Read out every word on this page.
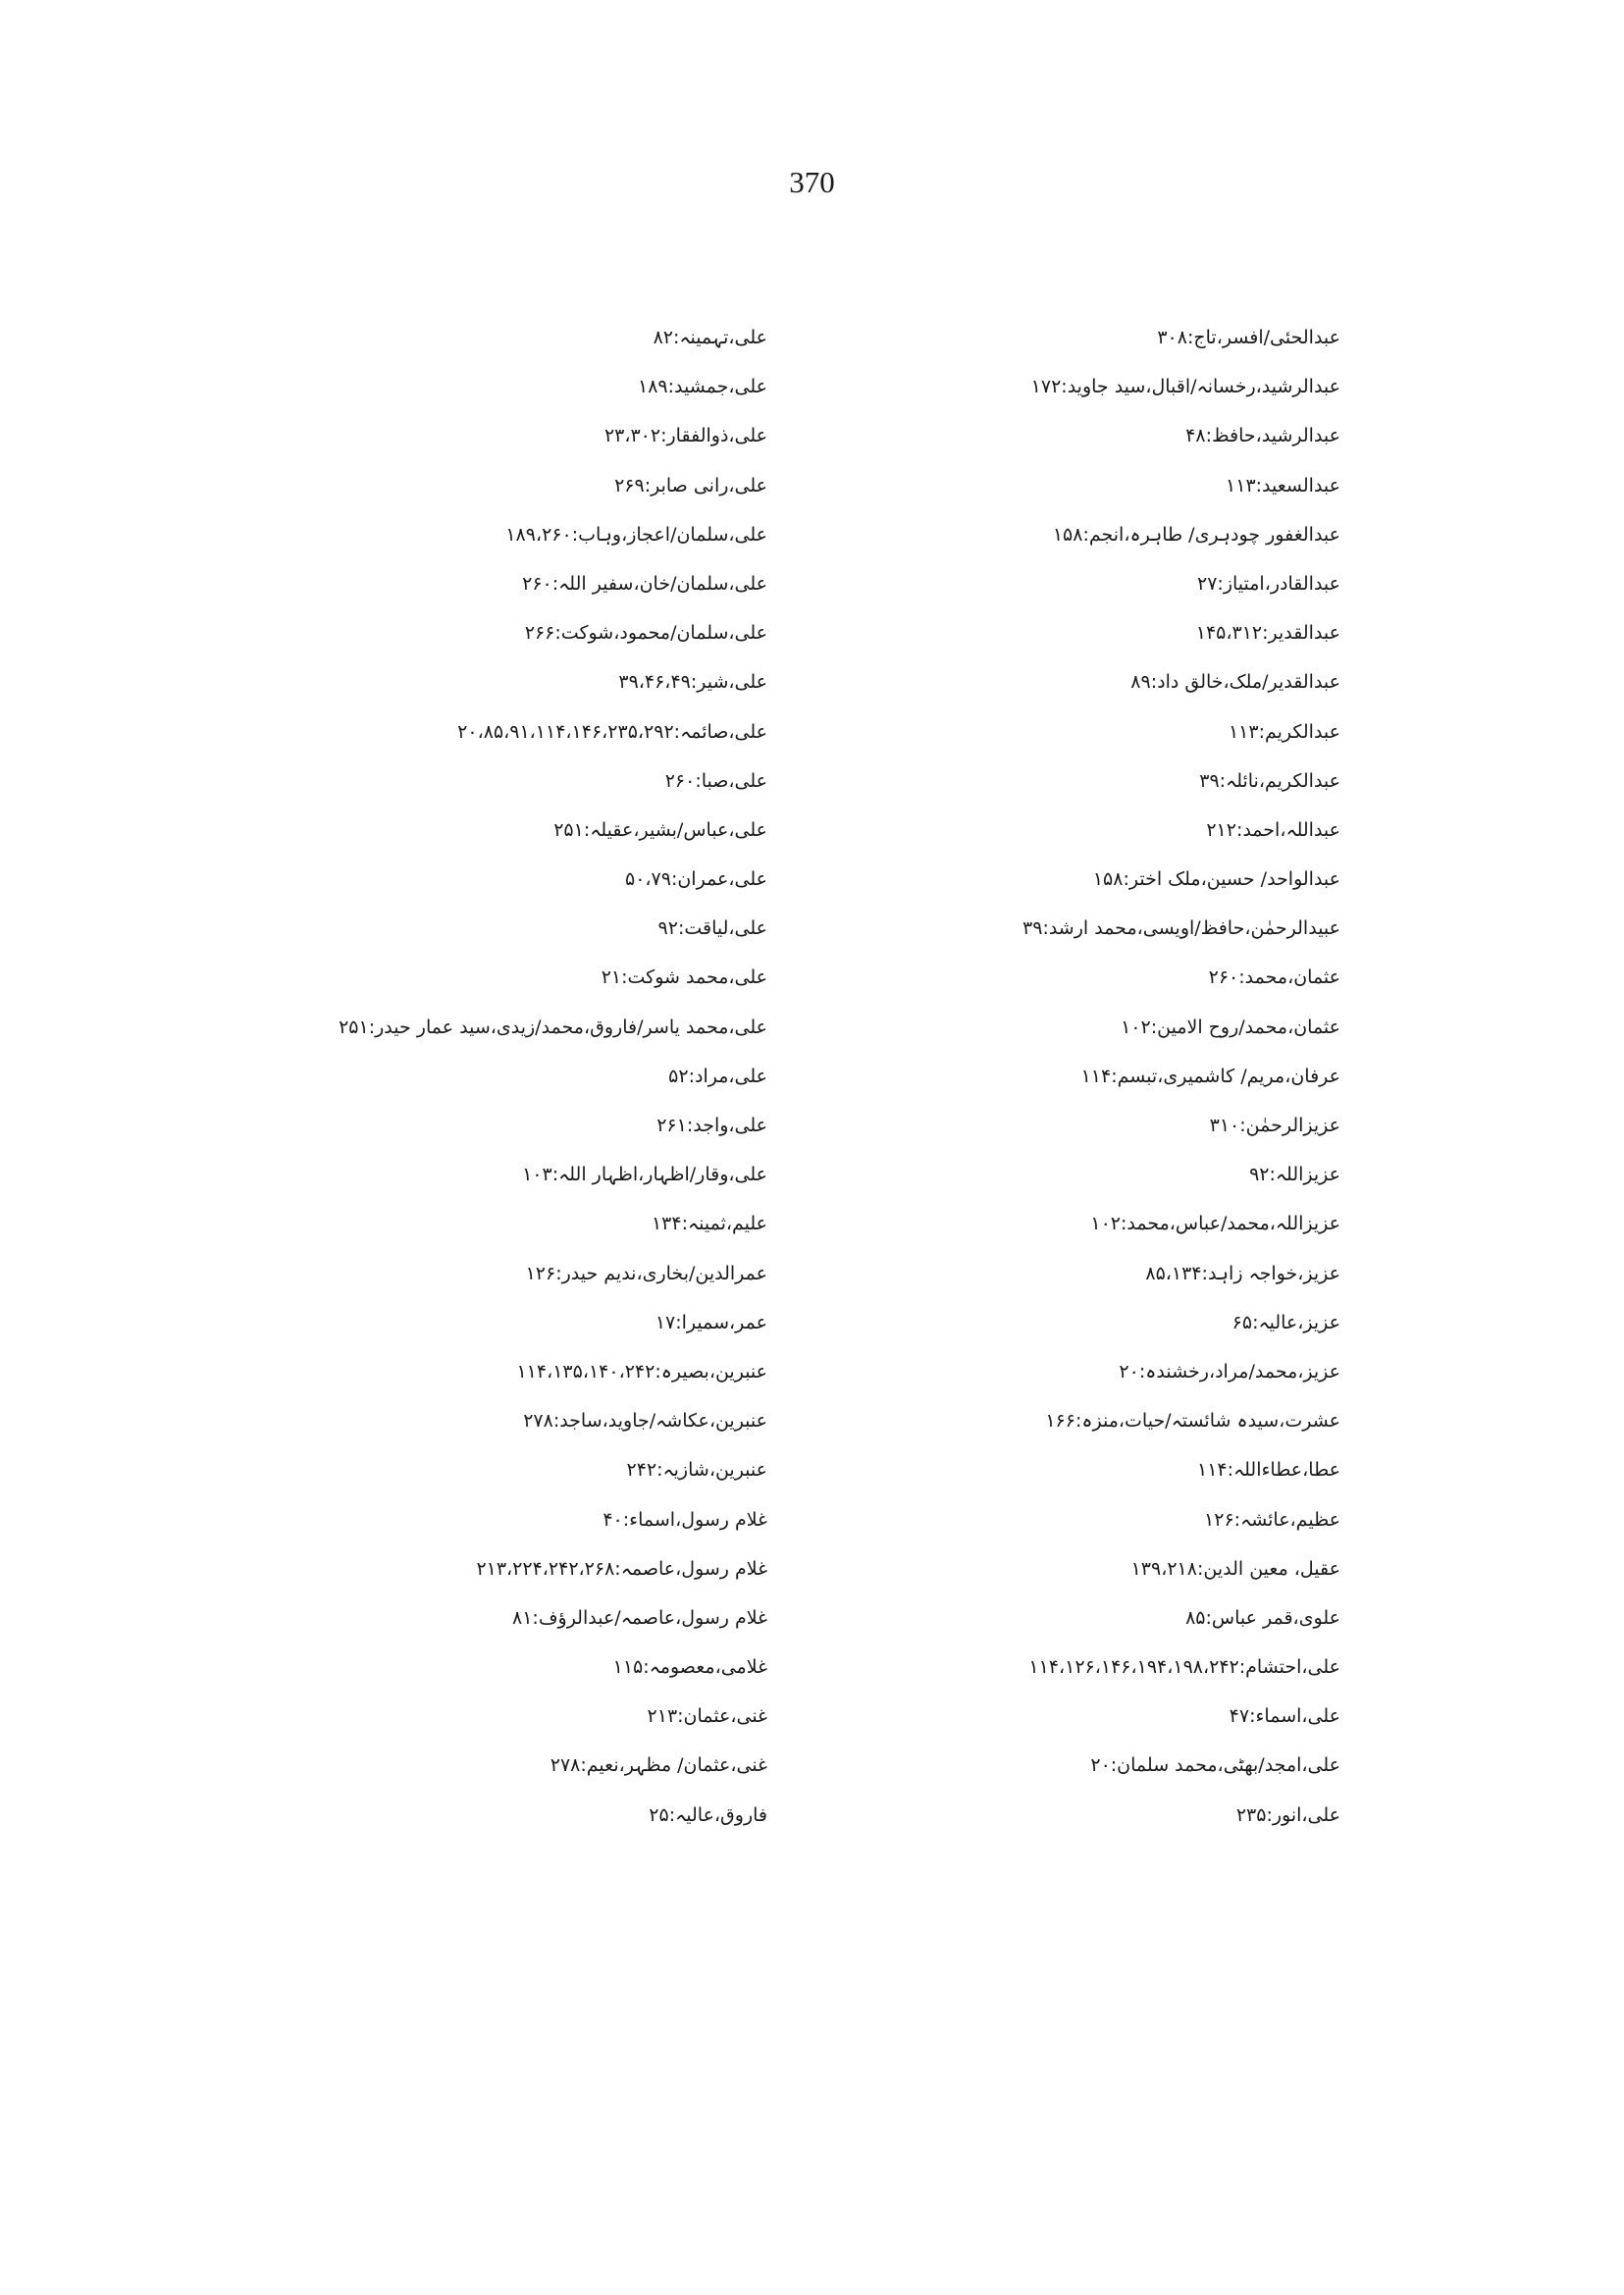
370
عبدالحئی/افسر،تاج:۳۰۸
عبدالرشید،رخسانہ/اقبال،سید جاوید:۱۷۲
عبدالرشید،حافظ:۴۸
عبدالسعید:۱۱۳
عبدالغفور چودہری/ طاہرہ،انجم:۱۵۸
عبدالقادر،امتیاز:۲۷
عبدالقدیر:۱۴۵،۳۱۲
عبدالقدیر/ملک،خالق داد:۸۹
عبدالکریم:۱۱۳
عبدالکریم،نائلہ:۳۹
عبداللہ،احمد:۲۱۲
عبدالواحد/ حسین،ملک اختر:۱۵۸
عبیدالرحمٰن،حافظ/اویسی،محمد ارشد:۳۹
عثمان،محمد:۲۶۰
عثمان،محمد/روح الامین:۱۰۲
عرفان،مریم/ کاشمیری،تبسم:۱۱۴
عزیزالرحمٰن:۳۱۰
عزیزاللہ:۹۲
عزیزاللہ،محمد/عباس،محمد:۱۰۲
عزیز،خواجہ زاہد:۸۵،۱۳۴
عزیز،عالیہ:۶۵
عزیز،محمد/مراد،رخشندہ:۲۰
عشرت،سیدہ شائستہ/حیات،منزہ:۱۶۶
عطا،عطاءاللہ:۱۱۴
عظیم،عائشہ:۱۲۶
عقیل، معین الدین:۱۳۹،۲۱۸
علوی،قمر عباس:۸۵
علی،احتشام:۱۱۴،۱۲۶،۱۴۶،۱۹۴،۱۹۸،۲۴۲
علی،اسماء:۴۷
علی،امجد/بھٹی،محمد سلمان:۲۰
علی،انور:۲۳۵
علی،تہمینہ:۸۲
علی،جمشید:۱۸۹
علی،ذوالفقار:۲۳،۳۰۲
علی،رانی صابر:۲۶۹
علی،سلمان/اعجاز،وہاب:۱۸۹،۲۶۰
علی،سلمان/خان،سفیر اللہ:۲۶۰
علی،سلمان/محمود،شوکت:۲۶۶
علی،شیر:۳۹،۴۶،۴۹
علی،صائمہ:۲۰،۸۵،۹۱،۱۱۴،۱۴۶،۲۳۵،۲۹۲
علی،صبا:۲۶۰
علی،عباس/بشیر،عقیلہ:۲۵۱
علی،عمران:۵۰،۷۹
علی،لیاقت:۹۲
علی،محمد شوکت:۲۱
علی،محمد یاسر/فاروق،محمد/زیدی،سید عمار حیدر:۲۵۱
علی،مراد:۵۲
علی،واجد:۲۶۱
علی،وقار/اظہار،اظہار اللہ:۱۰۳
علیم،ثمینہ:۱۳۴
عمرالدین/بخاری،ندیم حیدر:۱۲۶
عمر،سمیرا:۱۷
عنبرین،بصیرہ:۱۱۴،۱۳۵،۱۴۰،۲۴۲
عنبرین،عکاشہ/جاوید،ساجد:۲۷۸
عنبرین،شازیہ:۲۴۲
غلام رسول،اسماء:۴۰
غلام رسول،عاصمہ:۲۱۳،۲۲۴،۲۴۲،۲۶۸
غلام رسول،عاصمہ/عبدالرؤف:۸۱
غلامی،معصومہ:۱۱۵
غنی،عثمان:۲۱۳
غنی،عثمان/ مظہر،نعیم:۲۷۸
فاروق،عالیہ:۲۵
